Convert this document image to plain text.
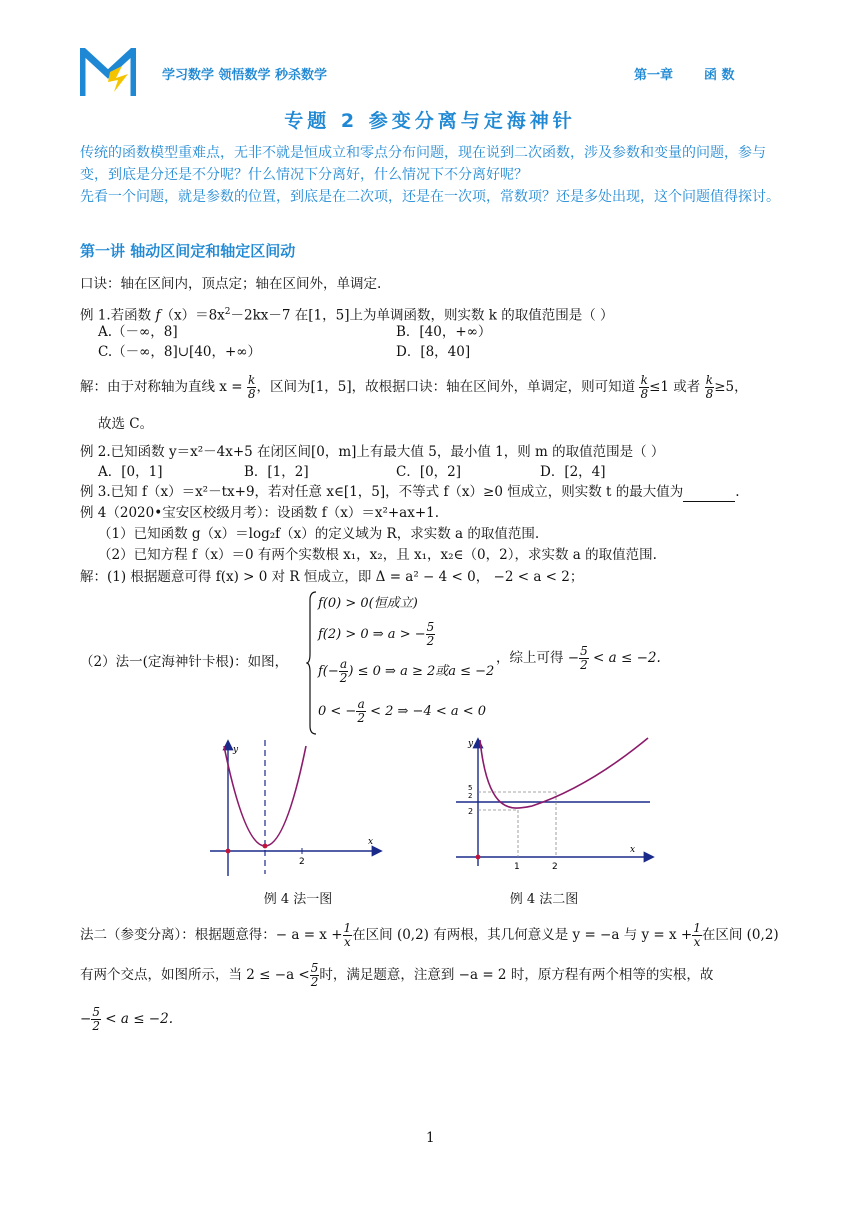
学习数学 领悟数学 秒杀数学	第一章 函 数
专题 2 参变分离与定海神针
传统的函数模型重难点，无非不就是恒成立和零点分布问题，现在说到二次函数，涉及参数和变量的问题，参与变，到底是分还是不分呢？什么情况下分离好，什么情况下不分离好呢？
先看一个问题，就是参数的位置，到底是在二次项，还是在一次项，常数项？还是多处出现，这个问题值得探讨。
第一讲 轴动区间定和轴定区间动
口诀：轴在区间内，顶点定；轴在区间外，单调定.
例 1.若函数 $f(x)=8x^2-2kx-7$ 在[1，5]上为单调函数，则实数 k 的取值范围是（ ）
A.（－∞，8]	B．[40，+∞）
C.（－∞，8]∪[40，+∞）	D．[8，40]
解：由于对称轴为直线 $x = \frac{k}{8}$ ，区间为[1，5]，故根据口诀：轴在区间外，单调定，则可知道 $\frac{k}{8} \le 1$ 或者 $\frac{k}{8} \ge 5$，
故选 C。
例 2.已知函数 y＝x²－4x+5 在闭区间[0，m]上有最大值 5，最小值 1，则 m 的取值范围是（ ）
A．[0，1]	B．[1，2]	C．[0，2]	D．[2，4]
例 3.已知 f（x）＝x²－tx+9，若对任意 x∈[1，5]，不等式 f（x）≥0 恒成立，则实数 t 的最大值为	.
例 4（2020•宝安区校级月考）：设函数 f（x）＝x²+ax+1.
（1）已知函数 g（x）＝log₂f（x）的定义域为 R，求实数 a 的取值范围.
（2）已知方程 f（x）＝0 有两个实数根 x₁，x₂，且 x₁，x₂∈（0，2），求实数 a 的取值范围.
解：(1) 根据题意可得 f(x) > 0 对 R 恒成立，即 Δ = a² − 4 < 0， −2 < a < 2；
（2）法一(定海神针卡根)：如图，
f(0) > 0(恒成立)
f(2) > 0 ⇒ a > − $\frac{5}{2}$
$f(- \frac{a}{2}$ ) ≤ 0 ⇒ a ≥ 2或a ≤ −2
0 < − $\frac{a}{2} < 2$ ⇒ −4 < a < 0
，综上可得 − $\frac{5}{2} < a \le -2$.
2
x
y
例 4 法一图
1	2
5
2
2
x
y
例 4 法二图
法二（参变分离）：根据题意得：− $a = x + \frac{1}{x}$ 在区间 (0,2) 有两根，其几何意义是 y = −a 与 $y = x + \frac{1}{x}$ 在区间 (0,2)
有两个交点，如图所示，当 $2 \le -a < \frac{5}{2}$ 时，满足题意，注意到 −a = 2 时，原方程有两个相等的实根，故
− $\frac{5}{2} < a \le -2$.
1
